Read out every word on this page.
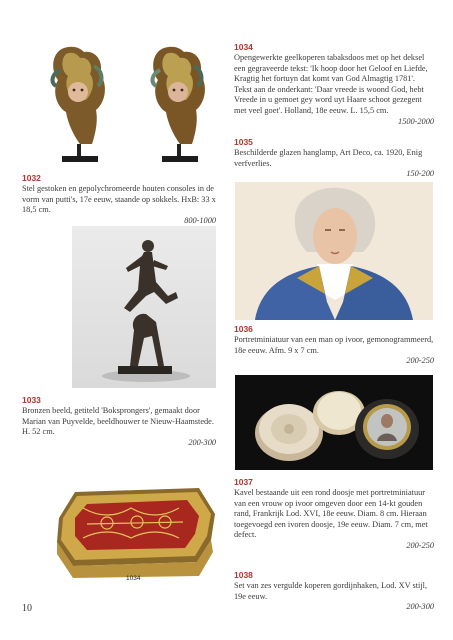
1034
1032
Stel gestoken en gepolychromeerde houten consoles in de vorm van putti's, 17e eeuw, staande op sokkels. HxB: 33 x 18,5 cm.
800-1000
1033
Bronzen beeld, getiteld 'Boksprongers', gemaakt door Marian van Puyvelde, beeldhouwer te Nieuw-Haamstede. H. 52 cm.
200-300
1034
Opengewerkte geelkoperen tabaksdoos met op het deksel een gegraveerde tekst: 'Ik hoop door het Geloof en Liefde, Kragtig het fortuyn dat komt van God Almagtig 1781'. Tekst aan de onderkant: 'Daar vreede is woond God, hebt Vreede in u gemoet gey word uyt Haare schoot gezegent met veel goet'. Holland, 18e eeuw. L. 15,5 cm.
1500-2000
1035
Beschilderde glazen hanglamp, Art Deco, ca. 1920, Enig verfverlies.
150-200
1036
Portretminiatuur van een man op ivoor, gemonogrammeerd, 18e eeuw. Afm. 9 x 7 cm.
200-250
1037
Kavel bestaande uit een rond doosje met portretminiatuur van een vrouw op ivoor omgeven door een 14-kt gouden rand, Frankrijk Lod. XVI, 18e eeuw. Diam. 8 cm. Hieraan toegevoegd een ivoren doosje, 19e eeuw. Diam. 7 cm, met defect.
200-250
1038
Set van zes vergulde koperen gordijnhaken, Lod. XV stijl, 19e eeuw.
200-300
10
